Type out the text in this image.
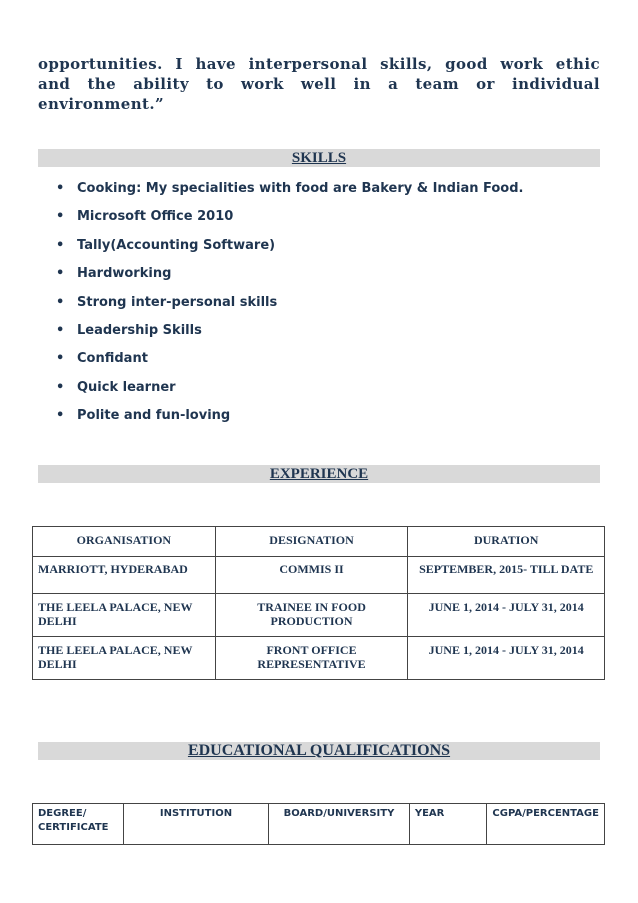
opportunities. I have interpersonal skills, good work ethic and the ability to work well in a team or individual environment.”
SKILLS
• Cooking: My specialities with food are Bakery & Indian Food.
• Microsoft Office 2010
• Tally(Accounting Software)
• Hardworking
• Strong inter-personal skills
• Leadership Skills
• Confidant
• Quick learner
• Polite and fun-loving
EXPERIENCE
ORGANISATION	DESIGNATION	DURATION
MARRIOTT, HYDERABAD	COMMIS II	SEPTEMBER, 2015- TILL DATE
THE LEELA PALACE, NEW DELHI	TRAINEE IN FOOD PRODUCTION	JUNE 1, 2014 - JULY 31, 2014
THE LEELA PALACE, NEW DELHI	FRONT OFFICE REPRESENTATIVE	JUNE 1, 2014 - JULY 31, 2014
EDUCATIONAL QUALIFICATIONS
DEGREE/ CERTIFICATE	INSTITUTION	BOARD/UNIVERSITY	YEAR	CGPA/PERCENTAGE
